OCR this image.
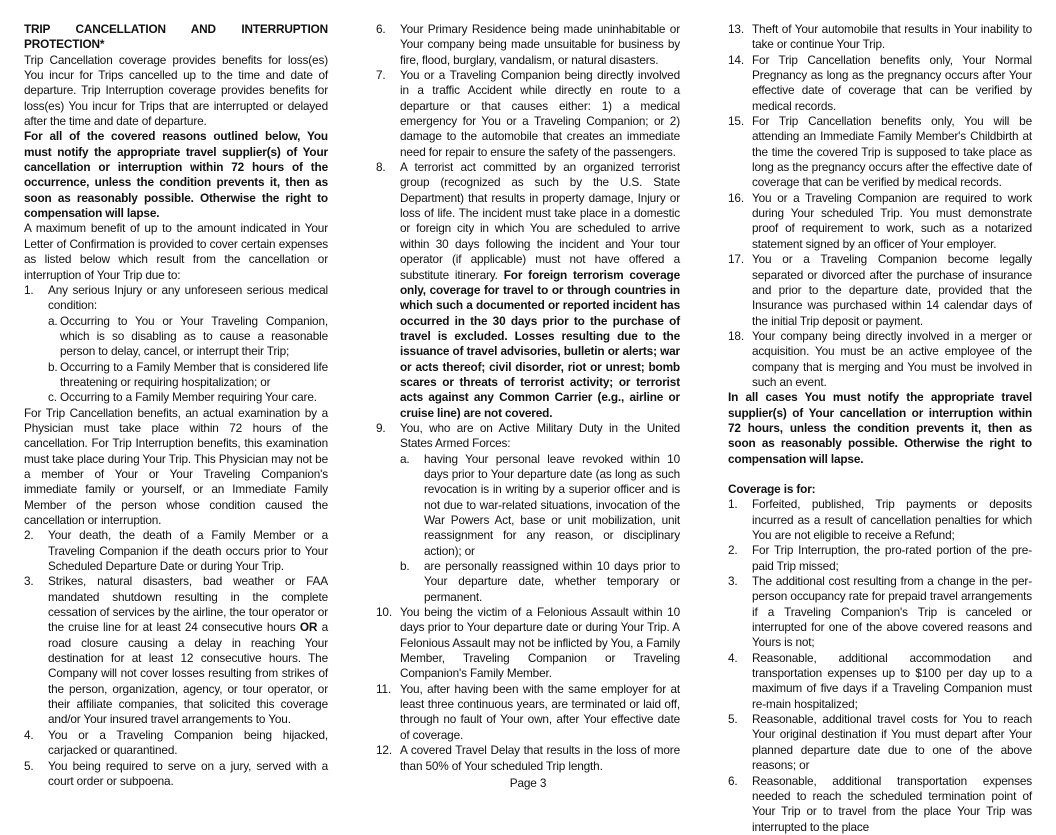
TRIP CANCELLATION AND INTERRUPTION PROTECTION*

Trip Cancellation coverage provides benefits for loss(es) You incur for Trips cancelled up to the time and date of departure. Trip Interruption coverage provides benefits for loss(es) You incur for Trips that are interrupted or delayed after the time and date of departure.

For all of the covered reasons outlined below, You must notify the appropriate travel supplier(s) of Your cancellation or interruption within 72 hours of the occurrence, unless the condition prevents it, then as soon as reasonably possible. Otherwise the right to compensation will lapse.

A maximum benefit of up to the amount indicated in Your Letter of Confirmation is provided to cover certain expenses as listed below which result from the cancellation or interruption of Your Trip due to:

1. Any serious Injury or any unforeseen serious medical condition:
a. Occurring to You or Your Traveling Companion, which is so disabling as to cause a reasonable person to delay, cancel, or interrupt their Trip;
b. Occurring to a Family Member that is considered life threatening or requiring hospitalization; or
c. Occurring to a Family Member requiring Your care.

For Trip Cancellation benefits, an actual examination by a Physician must take place within 72 hours of the cancellation. For Trip Interruption benefits, this examination must take place during Your Trip. This Physician may not be a member of Your or Your Traveling Companion's immediate family or yourself, or an Immediate Family Member of the person whose condition caused the cancellation or interruption.

2. Your death, the death of a Family Member or a Traveling Companion if the death occurs prior to Your Scheduled Departure Date or during Your Trip.
3. Strikes, natural disasters, bad weather or FAA mandated shutdown resulting in the complete cessation of services by the airline, the tour operator or the cruise line for at least 24 consecutive hours OR a road closure causing a delay in reaching Your destination for at least 12 consecutive hours. The Company will not cover losses resulting from strikes of the person, organization, agency, or tour operator, or their affiliate companies, that solicited this coverage and/or Your insured travel arrangements to You.
4. You or a Traveling Companion being hijacked, carjacked or quarantined.
5. You being required to serve on a jury, served with a court order or subpoena.
6. Your Primary Residence being made uninhabitable or Your company being made unsuitable for business by fire, flood, burglary, vandalism, or natural disasters.
7. You or a Traveling Companion being directly involved in a traffic Accident while directly en route to a departure or that causes either: 1) a medical emergency for You or a Traveling Companion; or 2) damage to the automobile that creates an immediate need for repair to ensure the safety of the passengers.
8. A terrorist act committed by an organized terrorist group (recognized as such by the U.S. State Department) that results in property damage, Injury or loss of life. The incident must take place in a domestic or foreign city in which You are scheduled to arrive within 30 days following the incident and Your tour operator (if applicable) must not have offered a substitute itinerary. For foreign terrorism coverage only, coverage for travel to or through countries in which such a documented or reported incident has occurred in the 30 days prior to the purchase of travel is excluded. Losses resulting due to the issuance of travel advisories, bulletin or alerts; war or acts thereof; civil disorder, riot or unrest; bomb scares or threats of terrorist activity; or terrorist acts against any Common Carrier (e.g., airline or cruise line) are not covered.
9. You, who are on Active Military Duty in the United States Armed Forces:
a. having Your personal leave revoked within 10 days prior to Your departure date (as long as such revocation is in writing by a superior officer and is not due to war-related situations, invocation of the War Powers Act, base or unit mobilization, unit reassignment for any reason, or disciplinary action); or
b. are personally reassigned within 10 days prior to Your departure date, whether temporary or permanent.
10. You being the victim of a Felonious Assault within 10 days prior to Your departure date or during Your Trip. A Felonious Assault may not be inflicted by You, a Family Member, Traveling Companion or Traveling Companion's Family Member.
11. You, after having been with the same employer for at least three continuous years, are terminated or laid off, through no fault of Your own, after Your effective date of coverage.
12. A covered Travel Delay that results in the loss of more than 50% of Your scheduled Trip length.
13. Theft of Your automobile that results in Your inability to take or continue Your Trip.
14. For Trip Cancellation benefits only, Your Normal Pregnancy as long as the pregnancy occurs after Your effective date of coverage that can be verified by medical records.
15. For Trip Cancellation benefits only, You will be attending an Immediate Family Member's Childbirth at the time the covered Trip is supposed to take place as long as the pregnancy occurs after the effective date of coverage that can be verified by medical records.
16. You or a Traveling Companion are required to work during Your scheduled Trip. You must demonstrate proof of requirement to work, such as a notarized statement signed by an officer of Your employer.
17. You or a Traveling Companion become legally separated or divorced after the purchase of insurance and prior to the departure date, provided that the Insurance was purchased within 14 calendar days of the initial Trip deposit or payment.
18. Your company being directly involved in a merger or acquisition. You must be an active employee of the company that is merging and You must be involved in such an event.

In all cases You must notify the appropriate travel supplier(s) of Your cancellation or interruption within 72 hours, unless the condition prevents it, then as soon as reasonably possible. Otherwise the right to compensation will lapse.

Coverage is for:

1. Forfeited, published, Trip payments or deposits incurred as a result of cancellation penalties for which You are not eligible to receive a Refund;
2. For Trip Interruption, the pro-rated portion of the pre-paid Trip missed;
3. The additional cost resulting from a change in the per-person occupancy rate for prepaid travel arrangements if a Traveling Companion's Trip is canceled or interrupted for one of the above covered reasons and Yours is not;
4. Reasonable, additional accommodation and transportation expenses up to $100 per day up to a maximum of five days if a Traveling Companion must re-main hospitalized;
5. Reasonable, additional travel costs for You to reach Your original destination if You must depart after Your planned departure date due to one of the above reasons; or
6. Reasonable, additional transportation expenses needed to reach the scheduled termination point of Your Trip or to travel from the place Your Trip was interrupted to the place
Page 3
